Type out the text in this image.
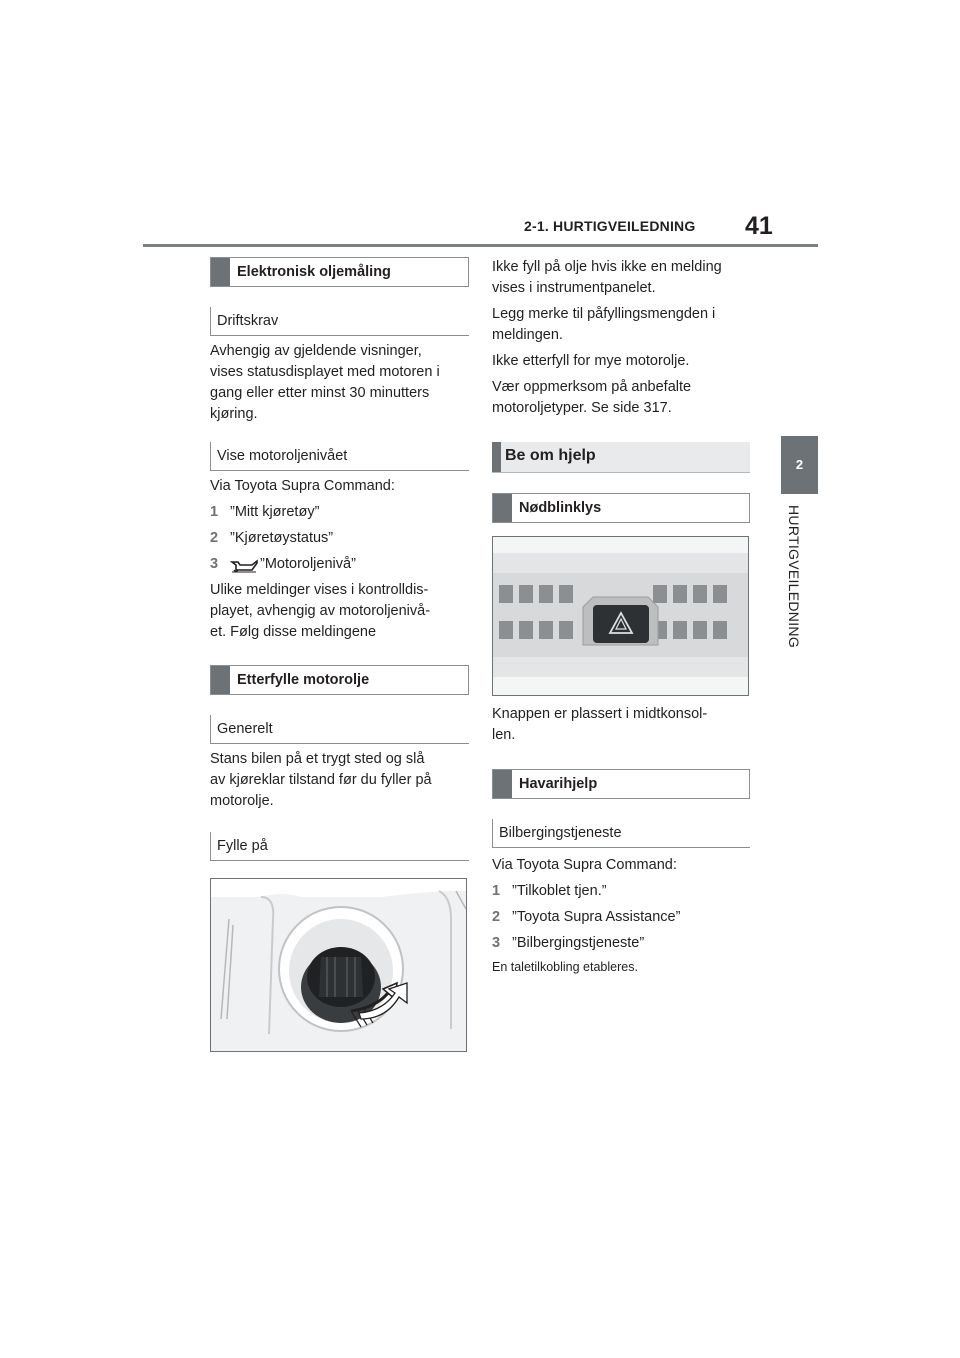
2-1. HURTIGVEILEDNING 41
2
HURTIGVEILEDNING
Elektronisk oljemåling
Driftskrav

Avhengig av gjeldende visninger,
vises statusdisplayet med motoren i
gang eller etter minst 30 minutters
kjøring.

Vise motoroljenivået

Via Toyota Supra Command:

1 ”Mitt kjøretøy”
2 ”Kjøretøystatus”
3	”Motoroljenivå”

Ulike meldinger vises i kontrolldis-
playet, avhengig av motoroljenivå-
et. Følg disse meldingene

Etterfylle motorolje
Generelt

Stans bilen på et trygt sted og slå
av kjøreklar tilstand før du fyller på
motorolje.

Fylle på

Ikke fyll på olje hvis ikke en melding
vises i instrumentpanelet.

Legg merke til påfyllingsmengden i
meldingen.

Ikke etterfyll for mye motorolje.

Vær oppmerksom på anbefalte
motoroljetyper. Se side 317.

Be om hjelp
Nødblinklys

Knappen er plassert i midtkonsol-
len.

Havarihjelp
Bilbergingstjeneste

Via Toyota Supra Command:

1 ”Tilkoblet tjen.”
2 ”Toyota Supra Assistance”
3 ”Bilbergingstjeneste”

En taletilkobling etableres.
